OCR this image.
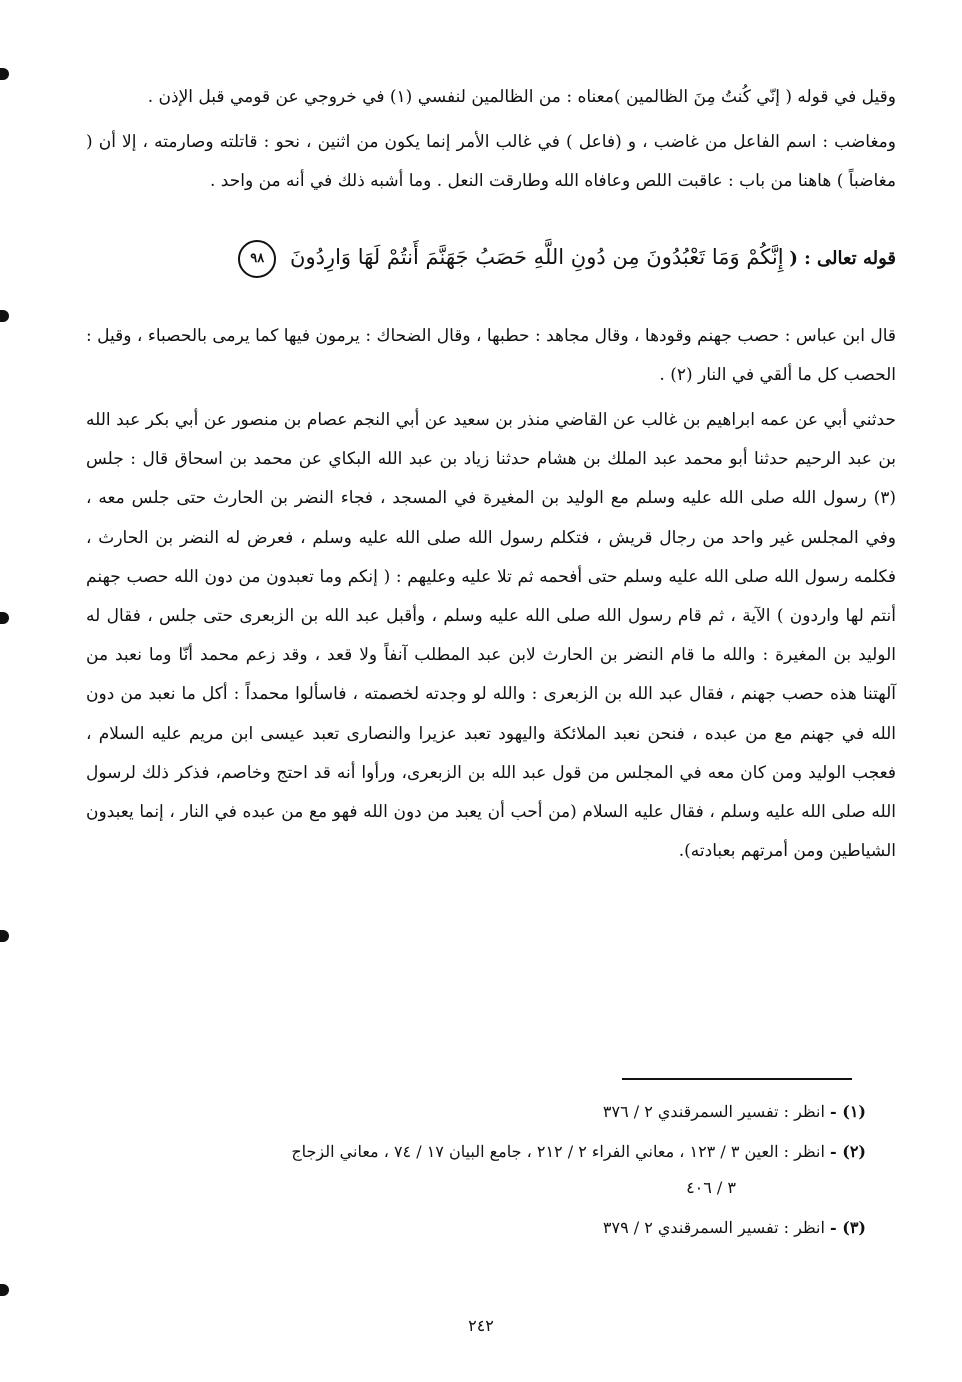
وقيل في قوله ( إنّي كُنتُ مِنَ الظالمين )معناه : من الظالمين لنفسي (١) في خروجي عن قومي قبل الإذن .

ومغاضب : اسم الفاعل من غاضب ، و (فاعل ) في غالب الأمر إنما يكون من اثنين ، نحو : قاتلته وصارمته ، إلا أن ( مغاضباً ) هاهنا من باب : عاقبت اللص وعافاه الله وطارقت النعل . وما أشبه ذلك في أنه من واحد .

قوله تعالى : ( إِنَّكُمْ وَمَا تَعْبُدُونَ مِن دُونِ اللَّهِ حَصَبُ جَهَنَّمَ أَنتُمْ لَهَا وَارِدُونَ ٩٨

قال ابن عباس : حصب جهنم وقودها ، وقال مجاهد : حطبها ، وقال الضحاك : يرمون فيها كما يرمى بالحصباء ، وقيل : الحصب كل ما ألقي في النار (٢) .

حدثني أبي عن عمه ابراهيم بن غالب عن القاضي منذر بن سعيد عن أبي النجم عصام بن منصور عن أبي بكر عبد الله بن عبد الرحيم حدثنا أبو محمد عبد الملك بن هشام حدثنا زياد بن عبد الله البكاي عن محمد بن اسحاق قال : جلس (٣) رسول الله صلى الله عليه وسلم مع الوليد بن المغيرة في المسجد ، فجاء النضر بن الحارث حتى جلس معه ، وفي المجلس غير واحد من رجال قريش ، فتكلم رسول الله صلى الله عليه وسلم ، فعرض له النضر بن الحارث ، فكلمه رسول الله صلى الله عليه وسلم حتى أفحمه ثم تلا عليه وعليهم : ( إنكم وما تعبدون من دون الله حصب جهنم أنتم لها واردون ) الآية ، ثم قام رسول الله صلى الله عليه وسلم ، وأقبل عبد الله بن الزبعرى حتى جلس ، فقال له الوليد بن المغيرة : والله ما قام النضر بن الحارث لابن عبد المطلب آنفاً ولا قعد ، وقد زعم محمد أنّا وما نعبد من آلهتنا هذه حصب جهنم ، فقال عبد الله بن الزبعرى : والله لو وجدته لخصمته ، فاسألوا محمداً : أكل ما نعبد من دون الله في جهنم مع من عبده ، فنحن نعبد الملائكة واليهود تعبد عزيرا والنصارى تعبد عيسى ابن مريم عليه السلام ، فعجب الوليد ومن كان معه في المجلس من قول عبد الله بن الزبعرى، ورأوا أنه قد احتج وخاصم، فذكر ذلك لرسول الله صلى الله عليه وسلم ، فقال عليه السلام (من أحب أن يعبد من دون الله فهو مع من عبده في النار ، إنما يعبدون الشياطين ومن أمرتهم بعبادته).

(١) - انظر : تفسير السمرقندي ٢ / ٣٧٦
(٢) - انظر : العين ٣ / ١٢٣ ، معاني الفراء ٢ / ٢١٢ ، جامع البيان ١٧ / ٧٤ ، معاني الزجاج
٣ / ٤٠٦
(٣) - انظر : تفسير السمرقندي ٢ / ٣٧٩
٢٤٢
